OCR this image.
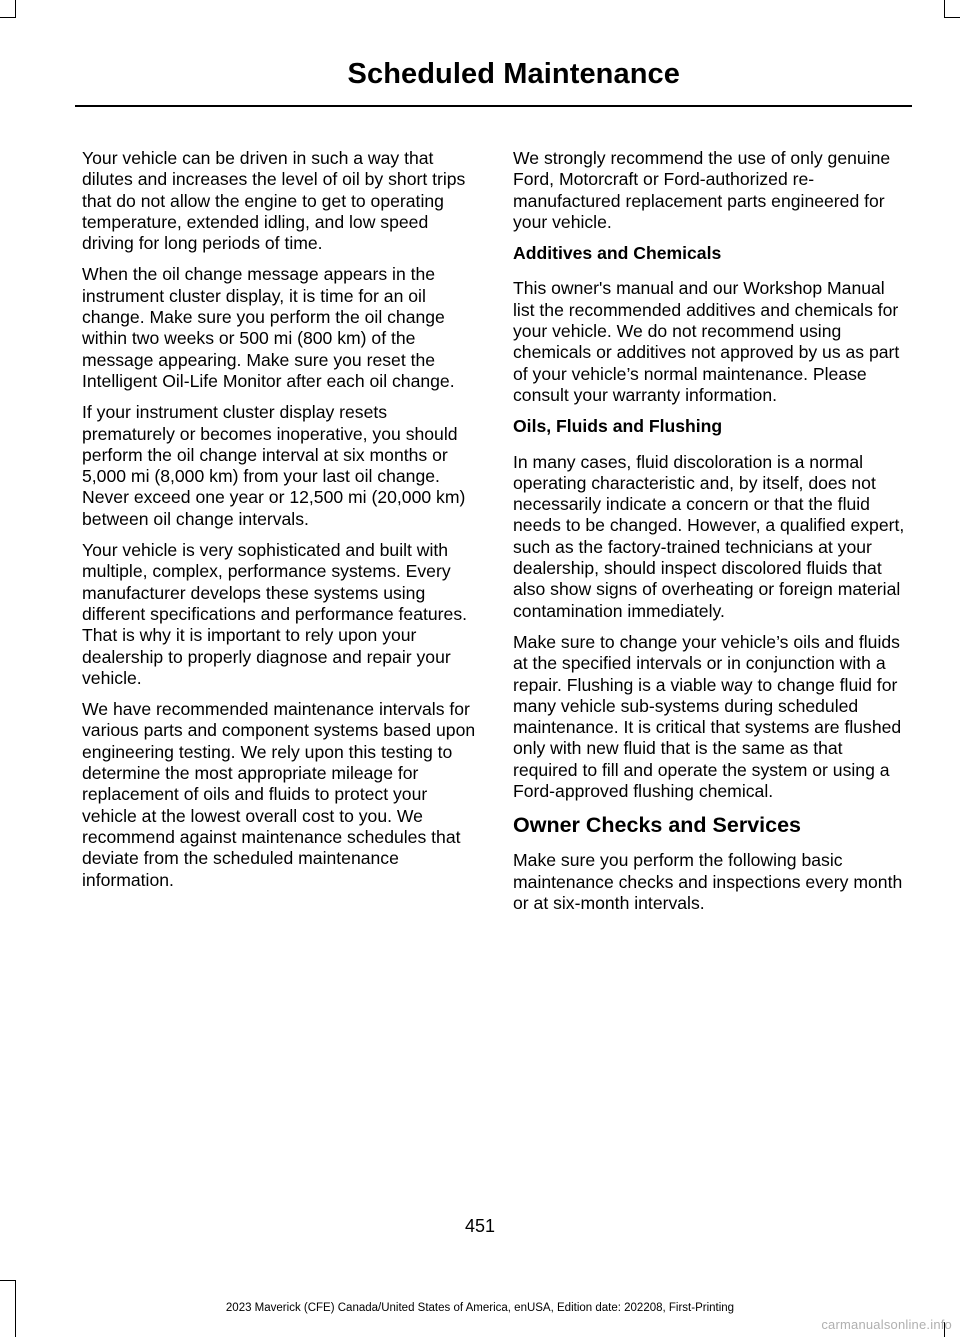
Scheduled Maintenance

Your vehicle can be driven in such a way that dilutes and increases the level of oil by short trips that do not allow the engine to get to operating temperature, extended idling, and low speed driving for long periods of time.

When the oil change message appears in the instrument cluster display, it is time for an oil change. Make sure you perform the oil change within two weeks or 500 mi (800 km) of the message appearing. Make sure you reset the Intelligent Oil-Life Monitor after each oil change.

If your instrument cluster display resets prematurely or becomes inoperative, you should perform the oil change interval at six months or 5,000 mi (8,000 km) from your last oil change. Never exceed one year or 12,500 mi (20,000 km) between oil change intervals.

Your vehicle is very sophisticated and built with multiple, complex, performance systems. Every manufacturer develops these systems using different specifications and performance features. That is why it is important to rely upon your dealership to properly diagnose and repair your vehicle.

We have recommended maintenance intervals for various parts and component systems based upon engineering testing. We rely upon this testing to determine the most appropriate mileage for replacement of oils and fluids to protect your vehicle at the lowest overall cost to you. We recommend against maintenance schedules that deviate from the scheduled maintenance information.

We strongly recommend the use of only genuine Ford, Motorcraft or Ford-authorized re-manufactured replacement parts engineered for your vehicle.

Additives and Chemicals

This owner's manual and our Workshop Manual list the recommended additives and chemicals for your vehicle. We do not recommend using chemicals or additives not approved by us as part of your vehicle’s normal maintenance. Please consult your warranty information.

Oils, Fluids and Flushing

In many cases, fluid discoloration is a normal operating characteristic and, by itself, does not necessarily indicate a concern or that the fluid needs to be changed. However, a qualified expert, such as the factory-trained technicians at your dealership, should inspect discolored fluids that also show signs of overheating or foreign material contamination immediately.

Make sure to change your vehicle’s oils and fluids at the specified intervals or in conjunction with a repair. Flushing is a viable way to change fluid for many vehicle sub-systems during scheduled maintenance. It is critical that systems are flushed only with new fluid that is the same as that required to fill and operate the system or using a Ford-approved flushing chemical.

Owner Checks and Services

Make sure you perform the following basic maintenance checks and inspections every month or at six-month intervals.

451
2023 Maverick (CFE) Canada/United States of America, enUSA, Edition date: 202208, First-Printing
carmanualsonline.info
